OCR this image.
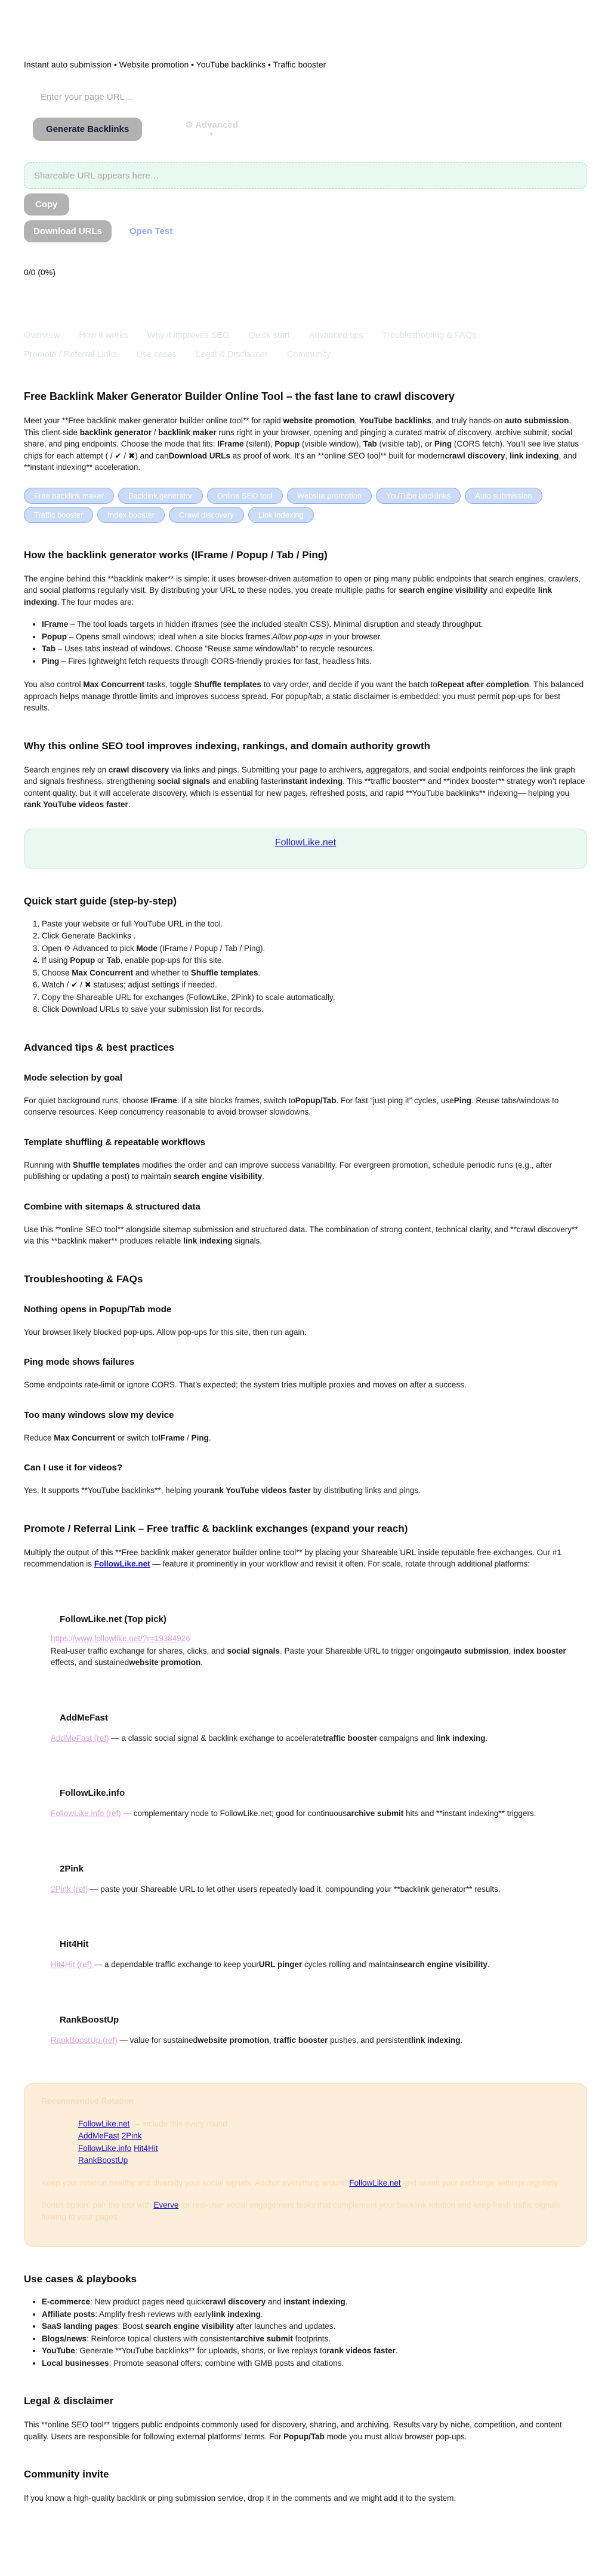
Instant auto submission • Website promotion • YouTube backlinks • Traffic booster
Enter your page URL…
Generate Backlinks	⚙ Advanced
▼
Shareable URL appears here… Copy
Download URLs	Open Test
0/0 (0%)
Overview How it works Why it improves SEO Quick start Advanced tips Troubleshooting & FAQs
Promote / Referral Links Use cases Legal & Disclaimer Community
Free Backlink Maker Generator Builder Online Tool – the fast lane to crawl discovery

Meet your **Free backlink maker generator builder online tool** for rapid website promotion, YouTube backlinks, and truly hands-on auto submission. This client-side backlink generator / backlink maker runs right in your browser, opening and pinging a curated matrix of discovery, archive submit, social share, and ping endpoints. Choose the mode that fits: IFrame (silent), Popup (visible window), Tab (visible tab), or Ping (CORS fetch). You’ll see live status chips for each attempt ( / ✔ / ✖) and canDownload URLs as proof of work. It’s an **online SEO tool** built for moderncrawl discovery, link indexing, and **instant indexing** acceleration.

Free backlink maker	Backlink generator	Online SEO tool	Website promotion	YouTube backlinks	Auto submission
Traffic booster	Index booster	Crawl discovery	Link indexing
How the backlink generator works (IFrame / Popup / Tab / Ping)

The engine behind this **backlink maker** is simple: it uses browser-driven automation to open or ping many public endpoints that search engines, crawlers, and social platforms regularly visit. By distributing your URL to these nodes, you create multiple paths for search engine visibility and expedite link indexing. The four modes are:

• IFrame – The tool loads targets in hidden iframes (see the included stealth CSS). Minimal disruption and steady throughput.
• Popup – Opens small windows; ideal when a site blocks frames.Allow pop-ups in your browser.
• Tab – Uses tabs instead of windows. Choose “Reuse same window/tab” to recycle resources.
• Ping – Fires lightweight fetch requests through CORS-friendly proxies for fast, headless hits.

You also control Max Concurrent tasks, toggle Shuffle templates to vary order, and decide if you want the batch toRepeat after completion. This balanced approach helps manage throttle limits and improves success spread. For popup/tab, a static disclaimer is embedded: you must permit pop-ups for best results.

Why this online SEO tool improves indexing, rankings, and domain authority growth

Search engines rely on crawl discovery via links and pings. Submitting your page to archivers, aggregators, and social endpoints reinforces the link graph and signals freshness, strengthening social signals and enabling fasterinstant indexing. This **traffic booster** and **index booster** strategy won’t replace content quality, but it will accelerate discovery, which is essential for new pages, refreshed posts, and rapid **YouTube backlinks** indexing— helping you rank YouTube videos faster.

FollowLike.net
Quick start guide (step-by-step)
1. Paste your website or full YouTube URL in the tool.
2. Click Generate Backlinks .
3. Open ⚙ Advanced to pick Mode (IFrame / Popup / Tab / Ping).
4. If using Popup or Tab, enable pop-ups for this site.
5. Choose Max Concurrent and whether to Shuffle templates.
6. Watch / ✔ / ✖ statuses; adjust settings if needed.
7. Copy the Shareable URL for exchanges (FollowLike, 2Pink) to scale automatically.
8. Click Download URLs to save your submission list for records.
Advanced tips & best practices
Mode selection by goal

For quiet background runs, choose IFrame. If a site blocks frames, switch toPopup/Tab. For fast “just ping it” cycles, usePing. Reuse tabs/windows to conserve resources. Keep concurrency reasonable to avoid browser slowdowns.

Template shuffling & repeatable workflows

Running with Shuffle templates modifies the order and can improve success variability. For evergreen promotion, schedule periodic runs (e.g., after publishing or updating a post) to maintain search engine visibility.

Combine with sitemaps & structured data

Use this **online SEO tool** alongside sitemap submission and structured data. The combination of strong content, technical clarity, and **crawl discovery** via this **backlink maker** produces reliable link indexing signals.

Troubleshooting & FAQs
Nothing opens in Popup/Tab mode

Your browser likely blocked pop-ups. Allow pop-ups for this site, then run again.

Ping mode shows failures

Some endpoints rate-limit or ignore CORS. That’s expected; the system tries multiple proxies and moves on after a success.

Too many windows slow my device

Reduce Max Concurrent or switch toIFrame / Ping.

Can I use it for videos?

Yes. It supports **YouTube backlinks**, helping yourank YouTube videos faster by distributing links and pings.

Promote / Referral Link – Free traffic & backlink exchanges (expand your reach)

Multiply the output of this **Free backlink maker generator builder online tool** by placing your Shareable URL inside reputable free exchanges. Our #1 recommendation is FollowLike.net — feature it prominently in your workflow and revisit it often. For scale, rotate through additional platforms:

FollowLike.net (Top pick)
https://www.followlike.net/?r=19384926

Real-user traffic exchange for shares, clicks, and social signals. Paste your Shareable URL to trigger ongoingauto submission, index booster effects, and sustainedwebsite promotion.

AddMeFast

AddMeFast (ref) — a classic social signal & backlink exchange to acceleratetraffic booster campaigns and link indexing.

FollowLike.info

FollowLike.info (ref) — complementary node to FollowLike.net; good for continuousarchive submit hits and **instant indexing** triggers.

2Pink

2Pink (ref) — paste your Shareable URL to let other users repeatedly load it, compounding your **backlink generator** results.

Hit4Hit

Hit4Hit (ref) — a dependable traffic exchange to keep yourURL pinger cycles rolling and maintainsearch engine visibility.

RankBoostUp

RankBoostUp (ref) — value for sustainedwebsite promotion, traffic booster pushes, and persistentlink indexing.

Recommended Rotation
FollowLike.net — include this every round
AddMeFast 2Pink
FollowLike.info Hit4Hit
RankBoostUp

Keep your rotation healthy and diversify your social signals. Anchor everything around FollowLike.net and revisit your exchange settings regularly.

Bonus option: pair the tool with Everve for real-user social engagement tasks that complement your backlink rotation and keep fresh traffic signals flowing to your pages.

Use cases & playbooks
• E-commerce: New product pages need quickcrawl discovery and instant indexing.
• Affiliate posts: Amplify fresh reviews with earlylink indexing.
• SaaS landing pages: Boost search engine visibility after launches and updates.
• Blogs/news: Reinforce topical clusters with consistentarchive submit footprints.
• YouTube: Generate **YouTube backlinks** for uploads, shorts, or live replays torank videos faster.
• Local businesses: Promote seasonal offers; combine with GMB posts and citations.
Legal & disclaimer

This **online SEO tool** triggers public endpoints commonly used for discovery, sharing, and archiving. Results vary by niche, competition, and content quality. Users are responsible for following external platforms’ terms. For Popup/Tab mode you must allow browser pop-ups.

Community invite

If you know a high-quality backlink or ping submission service, drop it in the comments and we might add it to the system.
